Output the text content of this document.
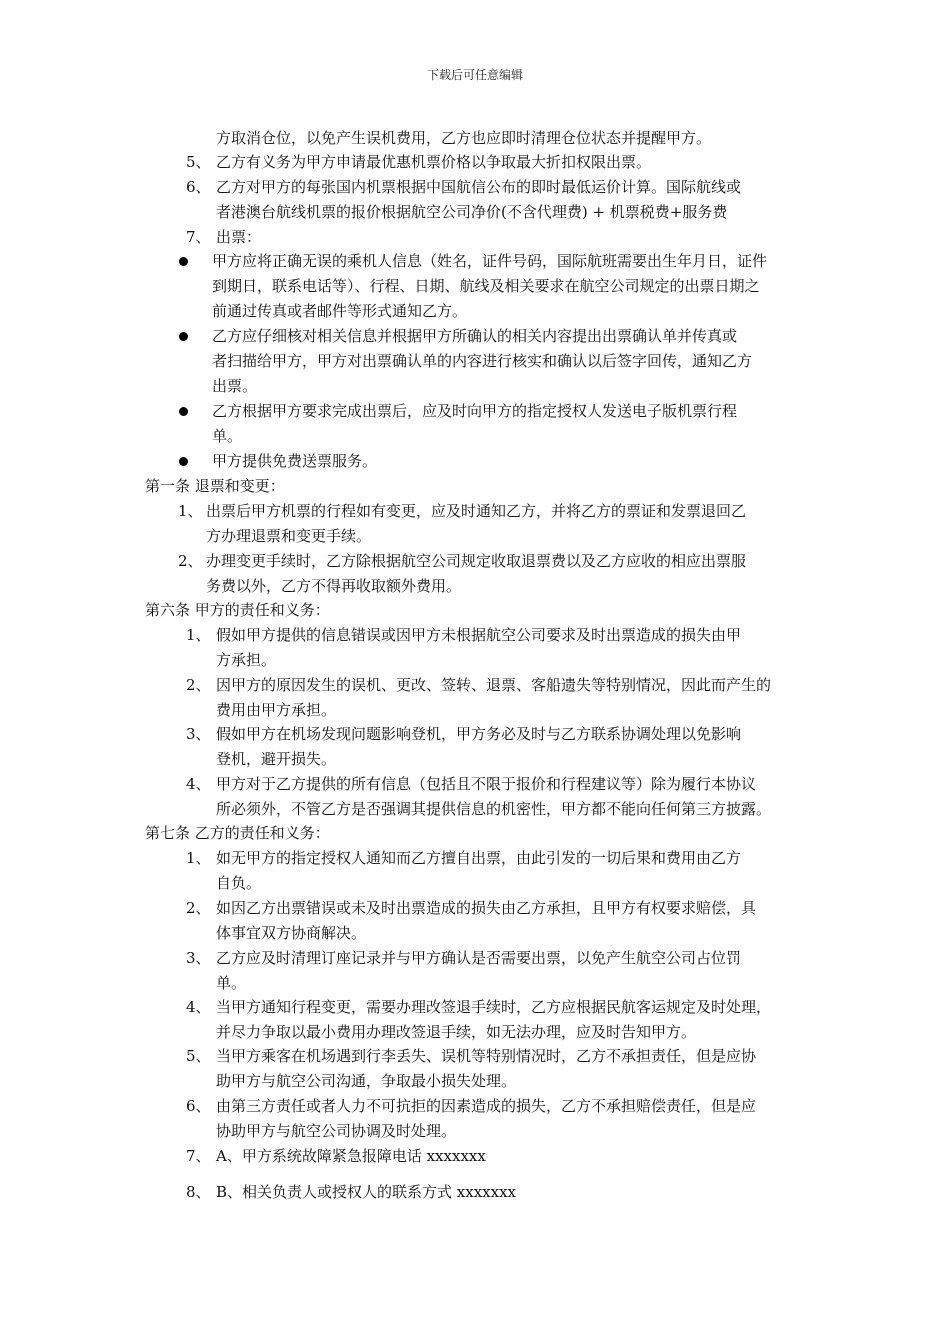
下载后可任意编辑
方取消仓位，以免产生误机费用，乙方也应即时清理仓位状态并提醒甲方。
5、 乙方有义务为甲方申请最优惠机票价格以争取最大折扣权限出票。
6、 乙方对甲方的每张国内机票根据中国航信公布的即时最低运价计算。国际航线或
者港澳台航线机票的报价根据航空公司净价(不含代理费) + 机票税费+服务费
7、 出票：
甲方应将正确无误的乘机人信息（姓名，证件号码，国际航班需要出生年月日，证件
到期日，联系电话等）、行程、日期、航线及相关要求在航空公司规定的出票日期之
前通过传真或者邮件等形式通知乙方。
乙方应仔细核对相关信息并根据甲方所确认的相关内容提出出票确认单并传真或
者扫描给甲方，甲方对出票确认单的内容进行核实和确认以后签字回传，通知乙方
出票。
乙方根据甲方要求完成出票后，应及时向甲方的指定授权人发送电子版机票行程
单。
甲方提供免费送票服务。
第一条 退票和变更：
1、 出票后甲方机票的行程如有变更，应及时通知乙方，并将乙方的票证和发票退回乙
方办理退票和变更手续。
2、 办理变更手续时，乙方除根据航空公司规定收取退票费以及乙方应收的相应出票服
务费以外，乙方不得再收取额外费用。
第六条 甲方的责任和义务：
1、 假如甲方提供的信息错误或因甲方未根据航空公司要求及时出票造成的损失由甲
方承担。
2、 因甲方的原因发生的误机、更改、签转、退票、客船遗失等特别情况，因此而产生的
费用由甲方承担。
3、 假如甲方在机场发现问题影响登机，甲方务必及时与乙方联系协调处理以免影响
登机，避开损失。
4、 甲方对于乙方提供的所有信息（包括且不限于报价和行程建议等）除为履行本协议
所必须外，不管乙方是否强调其提供信息的机密性，甲方都不能向任何第三方披露。
第七条 乙方的责任和义务：
1、 如无甲方的指定授权人通知而乙方擅自出票，由此引发的一切后果和费用由乙方
自负。
2、 如因乙方出票错误或未及时出票造成的损失由乙方承担，且甲方有权要求赔偿，具
体事宜双方协商解决。
3、 乙方应及时清理订座记录并与甲方确认是否需要出票，以免产生航空公司占位罚
单。
4、 当甲方通知行程变更，需要办理改签退手续时，乙方应根据民航客运规定及时处理，
并尽力争取以最小费用办理改签退手续，如无法办理，应及时告知甲方。
5、 当甲方乘客在机场遇到行李丢失、误机等特别情况时，乙方不承担责任，但是应协
助甲方与航空公司沟通，争取最小损失处理。
6、 由第三方责任或者人力不可抗拒的因素造成的损失，乙方不承担赔偿责任，但是应
协助甲方与航空公司协调及时处理。
7、 A、甲方系统故障紧急报障电话 xxxxxxx
8、 B、相关负责人或授权人的联系方式 xxxxxxx
